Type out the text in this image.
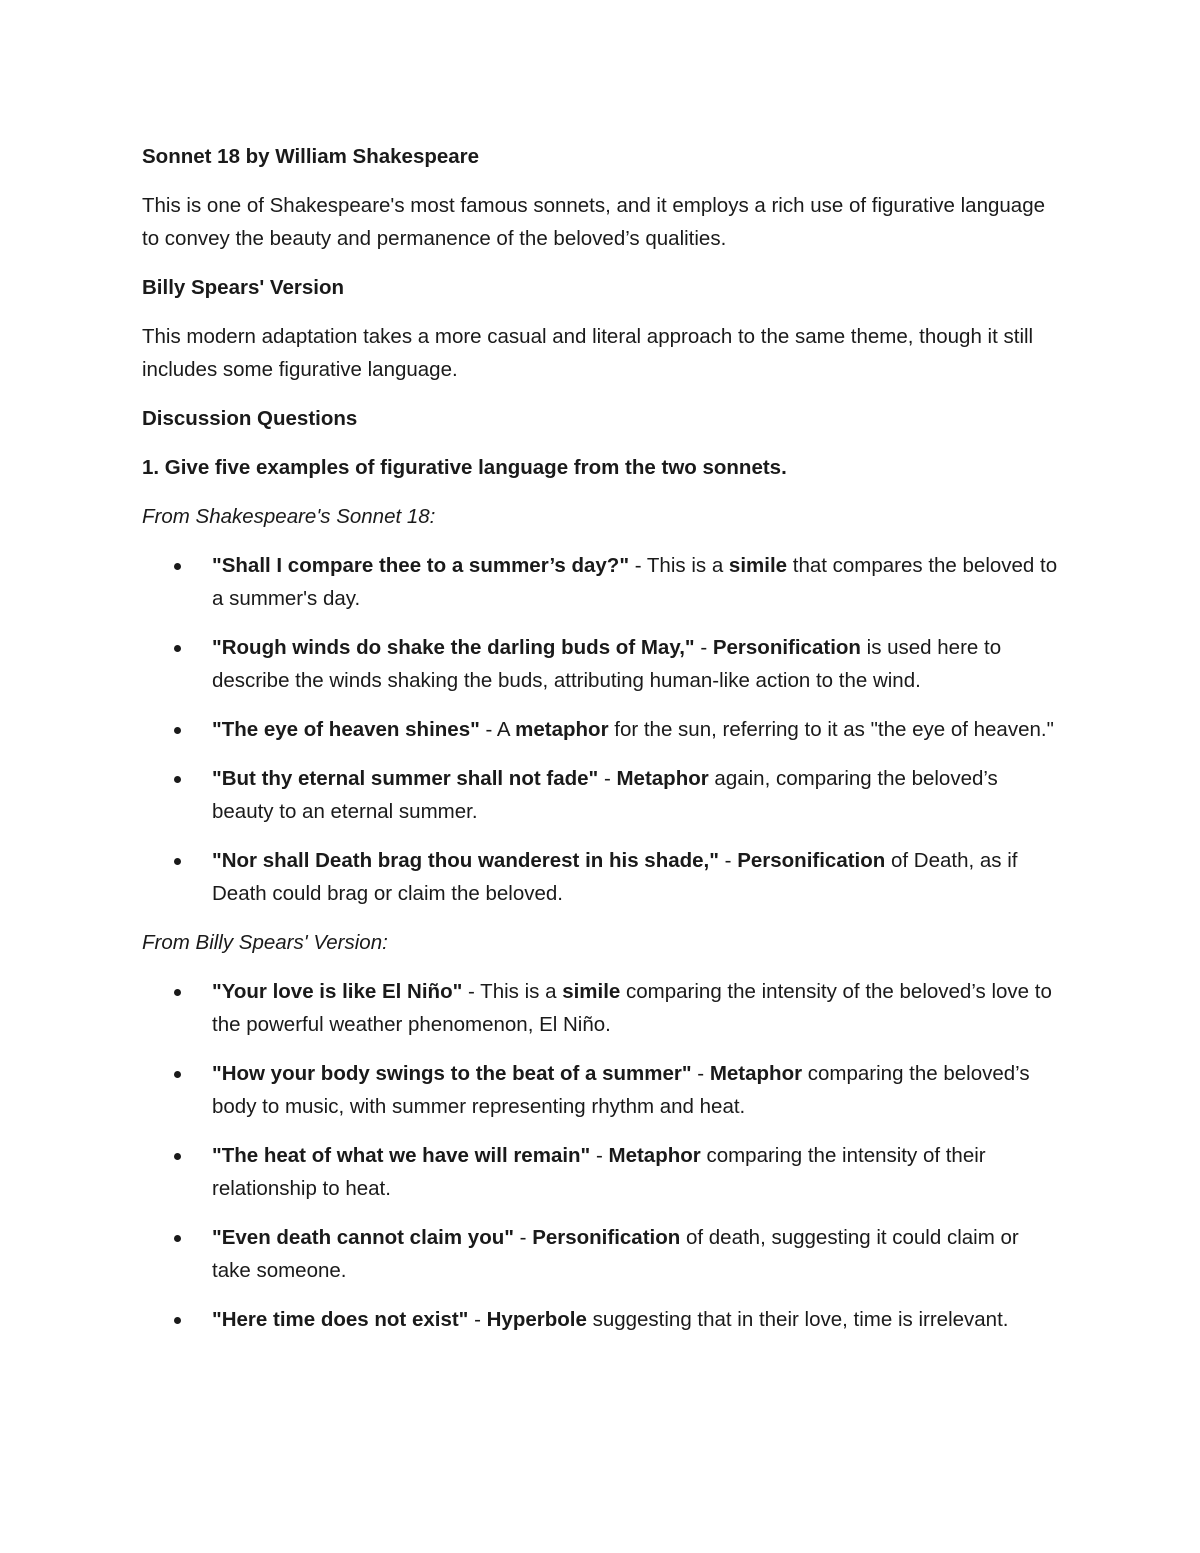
Sonnet 18 by William Shakespeare

This is one of Shakespeare's most famous sonnets, and it employs a rich use of figurative language to convey the beauty and permanence of the beloved’s qualities.

Billy Spears' Version

This modern adaptation takes a more casual and literal approach to the same theme, though it still includes some figurative language.

Discussion Questions

1. Give five examples of figurative language from the two sonnets.

From Shakespeare's Sonnet 18:

"Shall I compare thee to a summer’s day?" - This is a simile that compares the beloved to a summer's day.
"Rough winds do shake the darling buds of May," - Personification is used here to describe the winds shaking the buds, attributing human-like action to the wind.
"The eye of heaven shines" - A metaphor for the sun, referring to it as "the eye of heaven."
"But thy eternal summer shall not fade" - Metaphor again, comparing the beloved’s beauty to an eternal summer.
"Nor shall Death brag thou wanderest in his shade," - Personification of Death, as if Death could brag or claim the beloved.

From Billy Spears' Version:

"Your love is like El Niño" - This is a simile comparing the intensity of the beloved’s love to the powerful weather phenomenon, El Niño.
"How your body swings to the beat of a summer" - Metaphor comparing the beloved’s body to music, with summer representing rhythm and heat.
"The heat of what we have will remain" - Metaphor comparing the intensity of their relationship to heat.
"Even death cannot claim you" - Personification of death, suggesting it could claim or take someone.
"Here time does not exist" - Hyperbole suggesting that in their love, time is irrelevant.
